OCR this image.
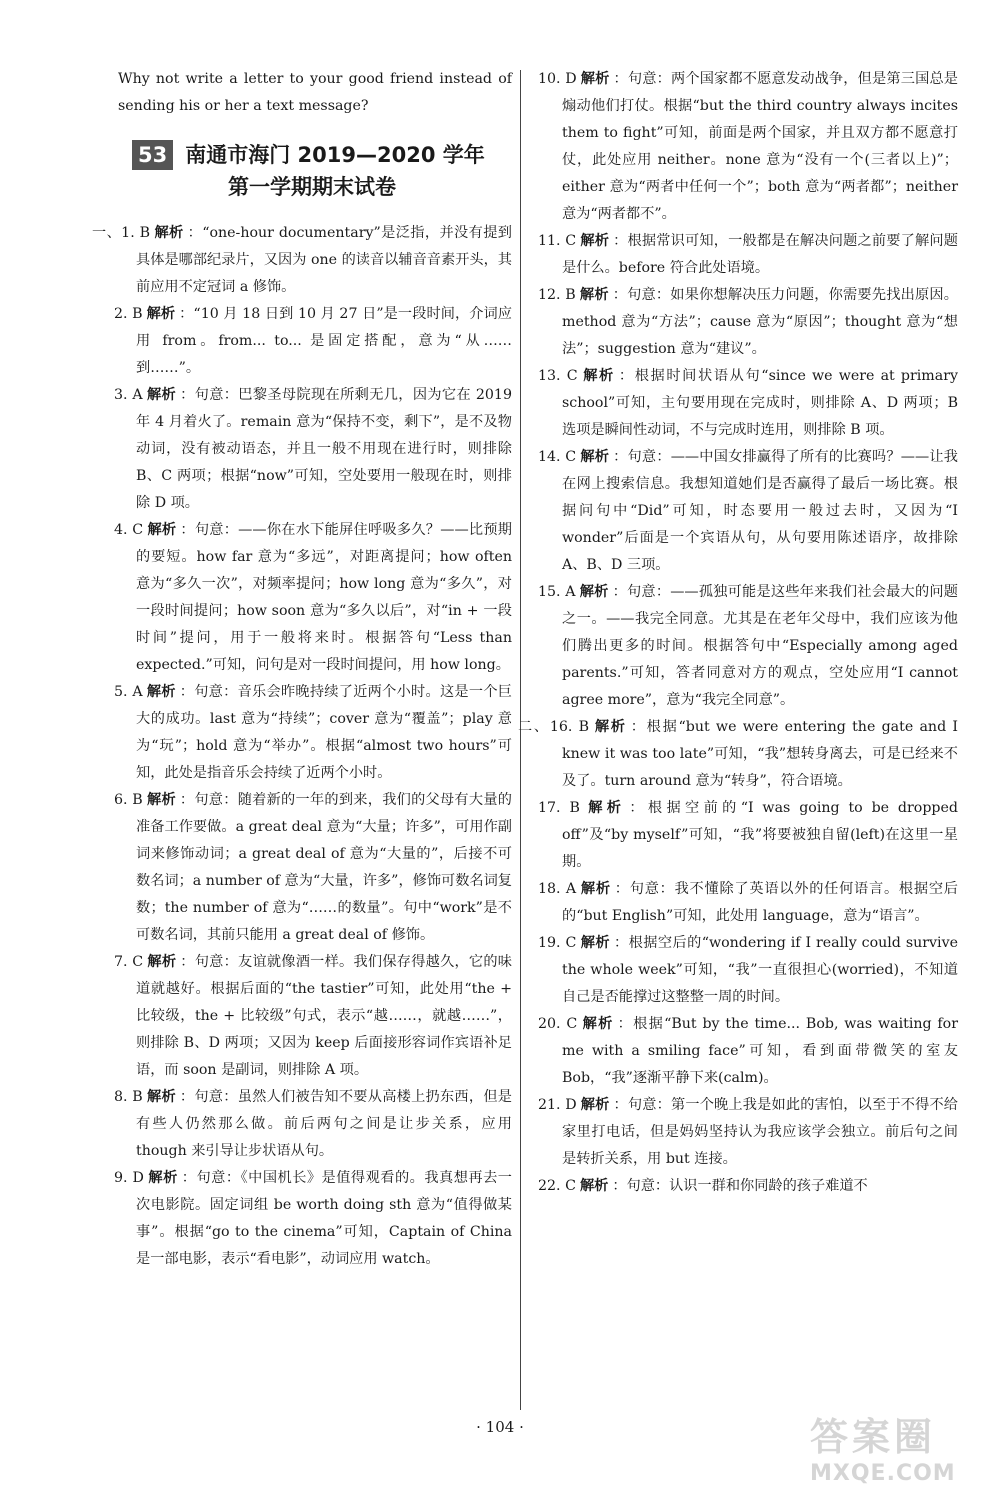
Why not write a letter to your good friend instead of sending his or her a text message?
53 南通市海门 2019—2020 学年
第一学期期末试卷
一、1. B 解析 ：“one-hour documentary”是泛指，并没有提到具体是哪部纪录片，又因为 one 的读音以辅音音素开头，其前应用不定冠词 a 修饰。
2. B 解析 ：“10 月 18 日到 10 月 27 日”是一段时间，介词应用 from。from... to... 是固定搭配，意为“从……到……”。
3. A 解析 ：句意：巴黎圣母院现在所剩无几，因为它在 2019 年 4 月着火了。remain 意为“保持不变，剩下”，是不及物动词，没有被动语态，并且一般不用现在进行时，则排除 B、C 两项；根据“now”可知，空处要用一般现在时，则排除 D 项。
4. C 解析 ：句意：——你在水下能屏住呼吸多久？——比预期的要短。how far 意为“多远”，对距离提问；how often 意为“多久一次”，对频率提问；how long 意为“多久”，对一段时间提问；how soon 意为“多久以后”，对“in + 一段时间”提问，用于一般将来时。根据答句“Less than expected.”可知，问句是对一段时间提问，用 how long。
5. A 解析 ：句意：音乐会昨晚持续了近两个小时。这是一个巨大的成功。last 意为“持续”；cover 意为“覆盖”；play 意为“玩”；hold 意为“举办”。根据“almost two hours”可知，此处是指音乐会持续了近两个小时。
6. B 解析 ：句意：随着新的一年的到来，我们的父母有大量的准备工作要做。a great deal 意为“大量；许多”，可用作副词来修饰动词；a great deal of 意为“大量的”，后接不可数名词；a number of 意为“大量，许多”，修饰可数名词复数；the number of 意为“……的数量”。句中“work”是不可数名词，其前只能用 a great deal of 修饰。
7. C 解析 ：句意：友谊就像酒一样。我们保存得越久，它的味道就越好。根据后面的“the tastier”可知，此处用“the + 比较级，the + 比较级”句式，表示“越……，就越……”，则排除 B、D 两项；又因为 keep 后面接形容词作宾语补足语，而 soon 是副词，则排除 A 项。
8. B 解析 ：句意：虽然人们被告知不要从高楼上扔东西，但是有些人仍然那么做。前后两句之间是让步关系，应用 though 来引导让步状语从句。
9. D 解析 ：句意：《中国机长》是值得观看的。我真想再去一次电影院。固定词组 be worth doing sth 意为“值得做某事”。根据“go to the cinema”可知，Captain of China 是一部电影，表示“看电影”，动词应用 watch。
10. D 解析 ：句意：两个国家都不愿意发动战争，但是第三国总是煽动他们打仗。根据“but the third country always incites them to fight”可知，前面是两个国家，并且双方都不愿意打仗，此处应用 neither。none 意为“没有一个(三者以上)”；either 意为“两者中任何一个”；both 意为“两者都”；neither 意为“两者都不”。
11. C 解析 ：根据常识可知，一般都是在解决问题之前要了解问题是什么。before 符合此处语境。
12. B 解析 ：句意：如果你想解决压力问题，你需要先找出原因。method 意为“方法”；cause 意为“原因”；thought 意为“想法”；suggestion 意为“建议”。
13. C 解析 ：根据时间状语从句“since we were at primary school”可知，主句要用现在完成时，则排除 A、D 两项；B 选项是瞬间性动词，不与完成时连用，则排除 B 项。
14. C 解析 ：句意：——中国女排赢得了所有的比赛吗？——让我在网上搜索信息。我想知道她们是否赢得了最后一场比赛。根据问句中“Did”可知，时态要用一般过去时，又因为“I wonder”后面是一个宾语从句，从句要用陈述语序，故排除 A、B、D 三项。
15. A 解析 ：句意：——孤独可能是这些年来我们社会最大的问题之一。——我完全同意。尤其是在老年父母中，我们应该为他们腾出更多的时间。根据答句中“Especially among aged parents.”可知，答者同意对方的观点，空处应用“I cannot agree more”，意为“我完全同意”。
二、16. B 解析 ：根据“but we were entering the gate and I knew it was too late”可知，“我”想转身离去，可是已经来不及了。turn around 意为“转身”，符合语境。
17. B 解析 ：根据空前的“I was going to be dropped off”及“by myself”可知，“我”将要被独自留(left)在这里一星期。
18. A 解析 ：句意：我不懂除了英语以外的任何语言。根据空后的“but English”可知，此处用 language，意为“语言”。
19. C 解析 ：根据空后的“wondering if I really could survive the whole week”可知，“我”一直很担心(worried)，不知道自己是否能撑过这整整一周的时间。
20. C 解析 ：根据“But by the time... Bob, was waiting for me with a smiling face”可知，看到面带微笑的室友 Bob，“我”逐渐平静下来(calm)。
21. D 解析 ：句意：第一个晚上我是如此的害怕，以至于不得不给家里打电话，但是妈妈坚持认为我应该学会独立。前后句之间是转折关系，用 but 连接。
22. C 解析 ：句意：认识一群和你同龄的孩子难道不
· 104 ·	答案圈
MXQE.COM
